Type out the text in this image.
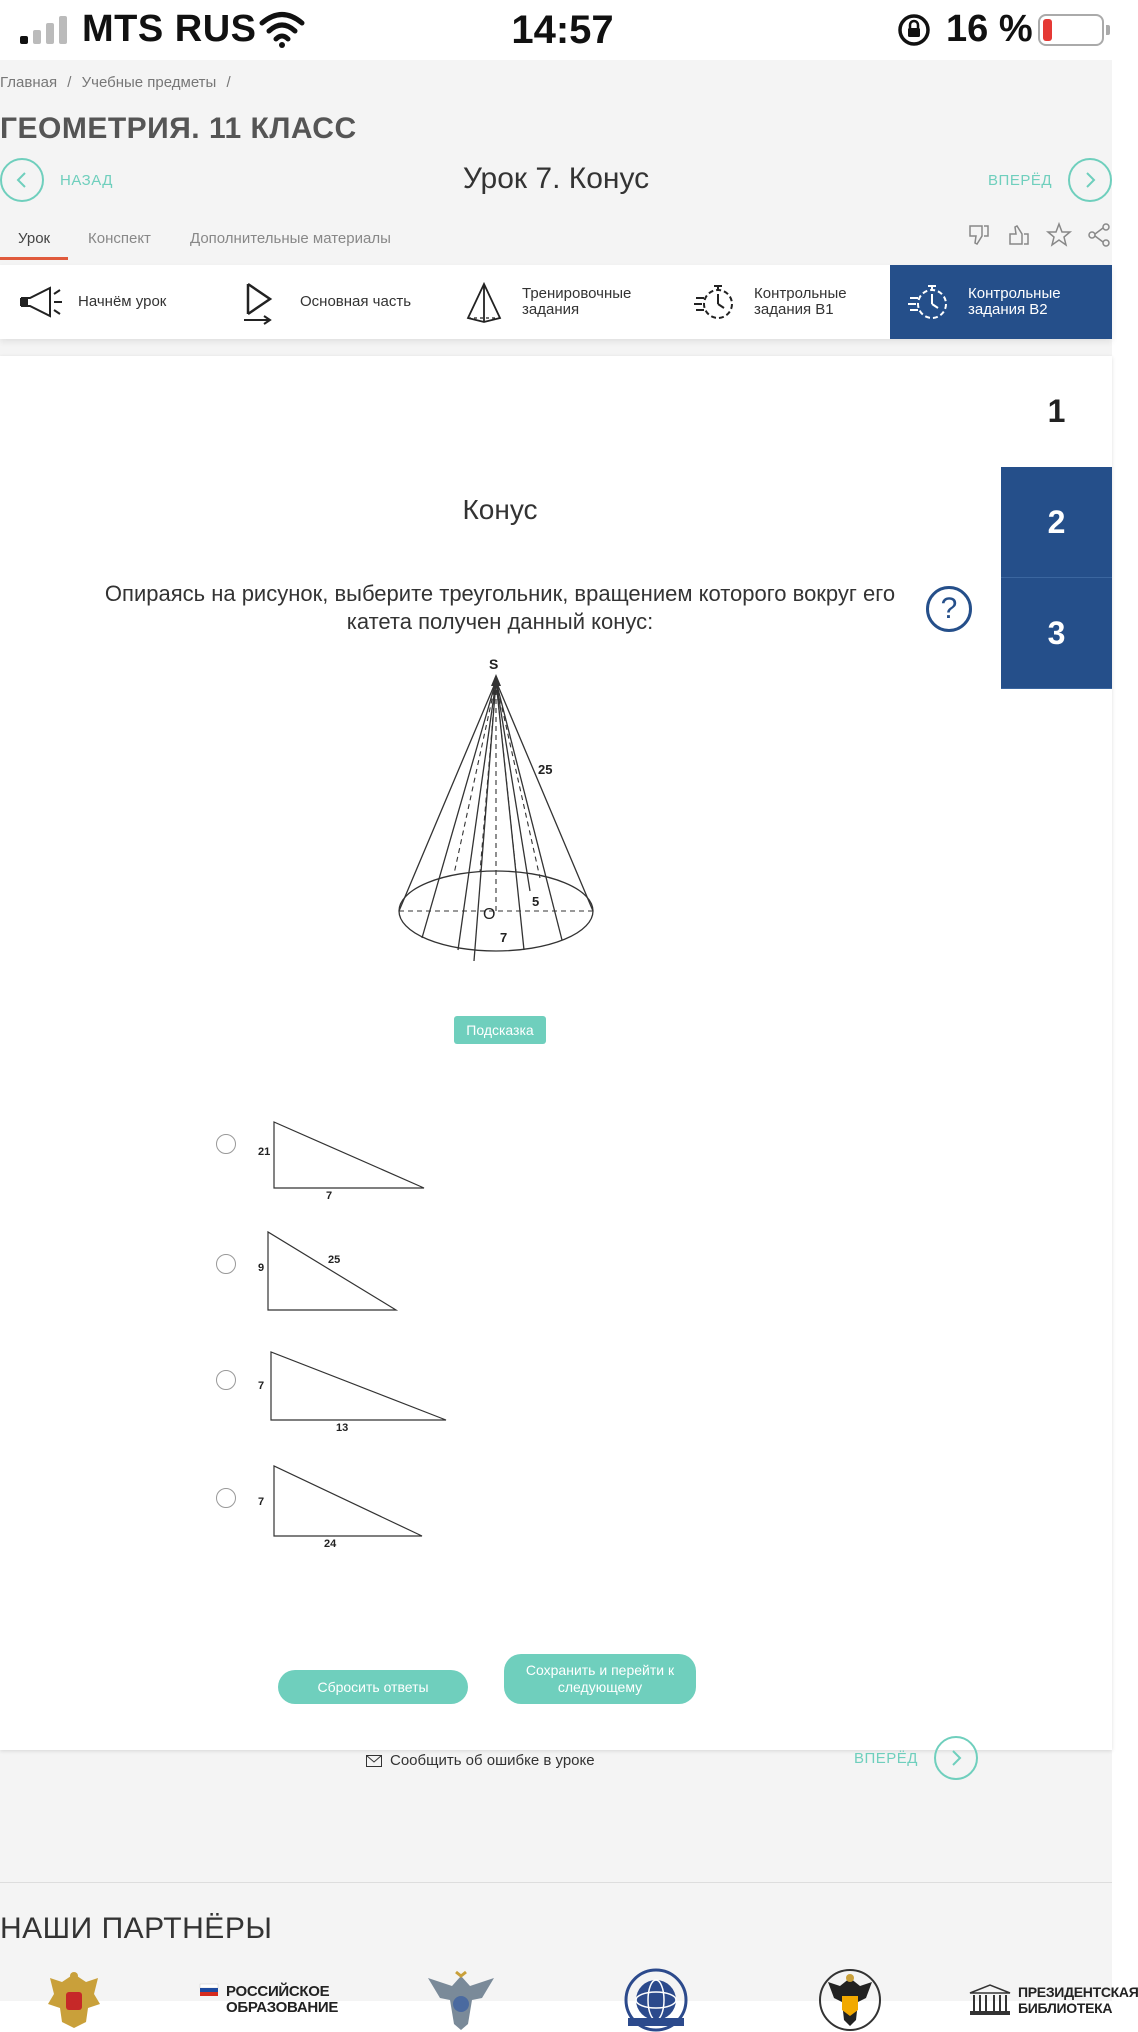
MTS RUS	14:57	16 %
Главная / Учебные предметы /
ГЕОМЕТРИЯ. 11 КЛАСС
НАЗАД	Урок 7. Конус	ВПЕРЁД
Урок	Конспект	Дополнительные материалы
Начнём урок	Основная часть	Тренировочные
задания
Контрольные
задания В1
Контрольные
задания В2
1
2
3
Конус
Опираясь на рисунок, выберите треугольник, вращением которого вокруг его катета получен данный конус:	?
S
25
O
5
7
Подсказка
21
7
9
25
7
13
7
24
Сбросить ответы
Сохранить и перейти к следующему
Сообщить об ошибке в уроке	ВПЕРЁД
НАШИ ПАРТНЁРЫ
РОССИЙСКОЕ
ОБРАЗОВАНИЕ
ПРЕЗИДЕНТСКАЯ
БИБЛИОТЕКА
